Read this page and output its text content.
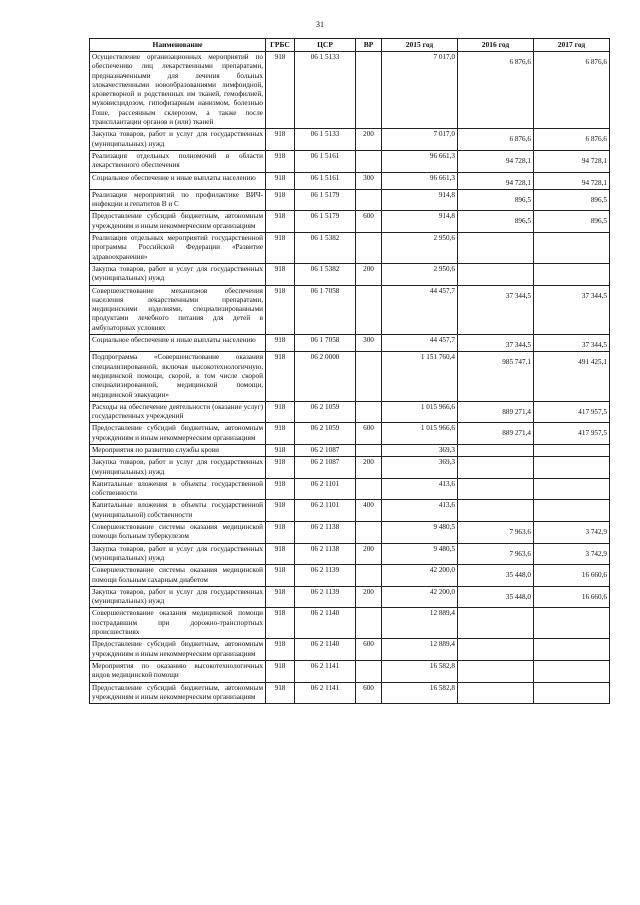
31
Наименование	ГРБС	ЦСР	ВР	2015 год	2016 год	2017 год
Осуществление организационных мероприятий по обеспечению лиц лекарственными препаратами, предназначенными для лечения больных злокачественными новообразованиями лимфоидной, кроветворной и родственных им тканей, гемофилией, муковисцидозом, гипофизарным нанизмом, болезнью Гоше, рассеянным склерозом, а также после трансплантации органов и (или) тканей	918	06 1 5133		7 017,0	6 876,6	6 876,6

Закупка товаров, работ и услуг для государственных (муниципальных) нужд	918	06 1 5133	200	7 017,0	6 876,6	6 876,6

Реализация отдельных полномочий в области лекарственного обеспечения	918	06 1 5161		96 661,3	94 728,1	94 728,1

Социальное обеспечение и иные выплаты населению	918	06 1 5161	300	96 661,3	94 728,1	94 728,1

Реализация мероприятий по профилактике ВИЧ-инфекции и гепатитов В и С	918	06 1 5179		914,8	896,5	896,5

Предоставление субсидий бюджетным, автономным учреждениям и иным некоммерческим организациям	918	06 1 5179	600	914,8	896,5	896,5

Реализация отдельных мероприятий государственной программы Российской Федерации «Развитие здравоохранения»	918	06 1 5382		2 950,6		

Закупка товаров, работ и услуг для государственных (муниципальных) нужд	918	06 1 5382	200	2 950,6		

Совершенствование механизмов обеспечения населения лекарственными препаратами, медицинскими изделиями, специализированными продуктами лечебного питания для детей в амбулаторных условиях	918	06 1 7058		44 457,7	37 344,5	37 344,5

Социальное обеспечение и иные выплаты населению	918	06 1 7058	300	44 457,7	37 344,5	37 344,5

Подпрограмма «Совершенствование оказания специализированной, включая высокотехнологичную, медицинской помощи, скорой, в том числе скорой специализированной, медицинской помощи, медицинской эвакуации»	918	06 2 0000		1 151 760,4	985 747,1	491 425,1

Расходы на обеспечение деятельности (оказание услуг) государственных учреждений	918	06 2 1059		1 015 966,6	889 271,4	417 957,5

Предоставление субсидий бюджетным, автономным учреждениям и иным некоммерческим организациям	918	06 2 1059	600	1 015 966,6	889 271,4	417 957,5

Мероприятия по развитию службы крови	918	06 2 1087		369,3		

Закупка товаров, работ и услуг для государственных (муниципальных) нужд	918	06 2 1087	200	369,3		

Капитальные вложения в объекты государственной собственности	918	06 2 1101		413,6		

Капитальные вложения в объекты государственной (муниципальной) собственности	918	06 2 1101	400	413,6		

Совершенствование системы оказания медицинской помощи больным туберкулезом	918	06 2 1138		9 480,5	7 963,6	3 742,9

Закупка товаров, работ и услуг для государственных (муниципальных) нужд	918	06 2 1138	200	9 480,5	7 963,6	3 742,9

Совершенствование системы оказания медицинской помощи больным сахарным диабетом	918	06 2 1139		42 200,0	35 448,0	16 660,6

Закупка товаров, работ и услуг для государственных (муниципальных) нужд	918	06 2 1139	200	42 200,0	35 448,0	16 660,6

Совершенствование оказания медицинской помощи пострадавшим при дорожно-транспортных происшествиях	918	06 2 1140		12 889,4		

Предоставление субсидий бюджетным, автономным учреждениям и иным некоммерческим организациям	918	06 2 1140	600	12 889,4		

Мероприятия по оказанию высокотехнологичных видов медицинской помощи	918	06 2 1141		16 582,8		

Предоставление субсидий бюджетным, автономным учреждениям и иным некоммерческим организациям	918	06 2 1141	600	16 582,8		
